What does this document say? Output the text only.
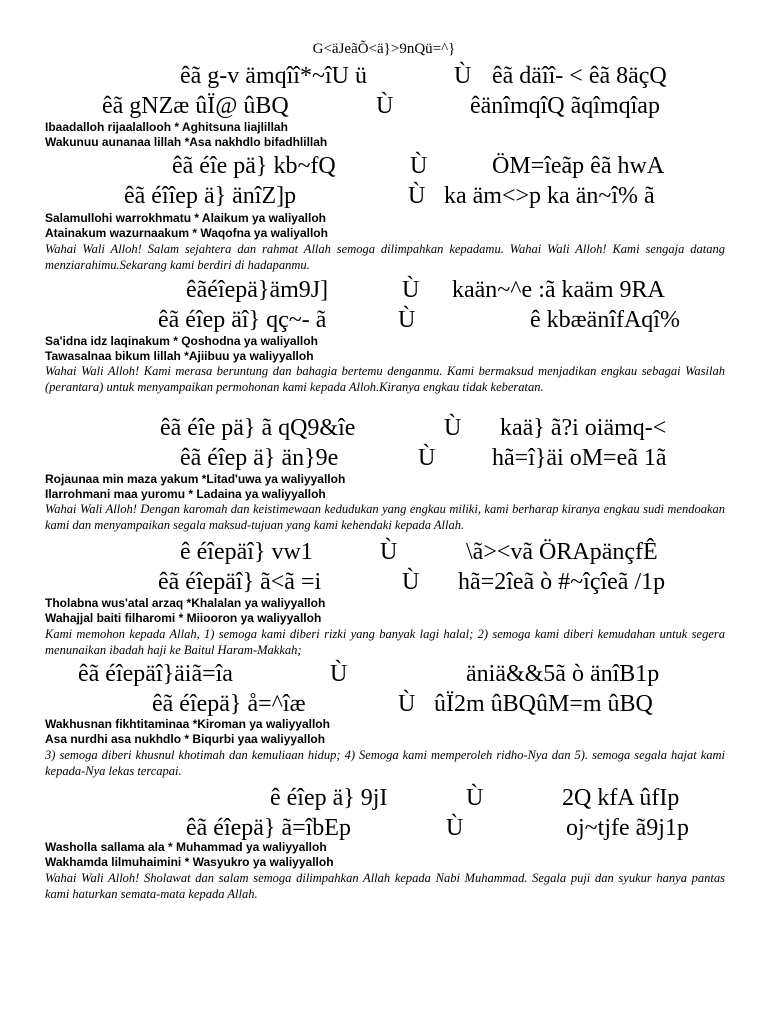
G<äJeãÕ<ä}>9nQü=^}
êã g-v ämqîî*~îU ü	Ù êã däîî- < êã 8äçQ
êã gNZæ ûÏ@ ûBQ	Ù	êänîmqîQ ãqîmqîap
Ibaadalloh rijaalallooh * Aghitsuna liajlillah
Wakunuu aunanaa lillah *Asa nakhdlo bifadhlillah
êã éîe pä} kb~fQ	Ù	ÖM=îeãp êã hwA
êã éîîep ä} änîZ]p	Ù ka äm<>p ka än~î% ã
Salamullohi warrokhmatu * Alaikum ya waliyalloh
Atainakum wazurnaakum * Waqofna ya waliyalloh
Wahai Wali Alloh! Salam sejahtera dan rahmat Allah semoga dilimpahkan kepadamu. Wahai Wali Alloh! Kami sengaja datang menziarahimu.Sekarang kami berdiri di hadapanmu.
êãéîepä}äm9J]	Ù kaän~^e :ã kaäm 9RA
êã éîep äî} qç~- ã	Ù	ê kbæänîfAqî%
Sa'idna idz laqinakum * Qoshodna ya waliyalloh
Tawasalnaa bikum lillah *Ajiibuu ya waliyyalloh
Wahai Wali Alloh! Kami merasa beruntung dan bahagia bertemu denganmu. Kami bermaksud menjadikan engkau sebagai Wasilah (perantara) untuk menyampaikan permohonan kami kepada Alloh.Kiranya engkau tidak keberatan.
êã éîe pä} ã qQ9&îe	Ù kaä} ã?i oiämq-<
êã éîep ä} än}9e	Ù hã=î}äi oM=eã 1ã
Rojaunaa min maza yakum *Litad'uwa ya waliyyalloh
Ilarrohmani maa yuromu * Ladaina ya waliyyalloh
Wahai Wali Alloh! Dengan karomah dan keistimewaan kedudukan yang engkau miliki, kami berharap kiranya engkau sudi mendoakan kami dan menyampaikan segala maksud-tujuan yang kami kehendaki kepada Allah.
ê éîepäî} vw1	Ù	\ã><vã ÖRApänçfÊ
êã éîepäî} ã<ã =i	Ù hã=2îeã ò #~îçîeã /1p
Tholabna wus'atal arzaq *Khalalan ya waliyyalloh
Wahajjal baiti filharomi * Miiooron ya waliyyalloh
Kami memohon kepada Allah, 1) semoga kami diberi rizki yang banyak lagi halal; 2) semoga kami diberi kemudahan untuk segera menunaikan ibadah haji ke Baitul Haram-Makkah;
êã éîepäî}äiã=îa	Ù	äniä&&5ã ò änîB1p
êã éîepä} å=^îæ	Ù ûÏ2m ûBQûM=m ûBQ
Wakhusnan fikhtitaminaa *Kiroman ya waliyyalloh
Asa nurdhi asa nukhdlo * Biqurbi yaa waliyyalloh
3) semoga diberi khusnul khotimah dan kemuliaan hidup; 4) Semoga kami memperoleh ridho-Nya dan 5). semoga segala hajat kami kepada-Nya lekas tercapai.
ê éîep ä} 9jI	Ù	2Q kfA ûfIp
êã éîepä} ã=îbEp	Ù	oj~tjfe ã9j1p
Washolla sallama ala * Muhammad ya waliyyalloh
Wakhamda lilmuhaimini * Wasyukro ya waliyyalloh
Wahai Wali Alloh! Sholawat dan salam semoga dilimpahkan Allah kepada Nabi Muhammad. Segala puji dan syukur hanya pantas kami haturkan semata-mata kepada Allah.
